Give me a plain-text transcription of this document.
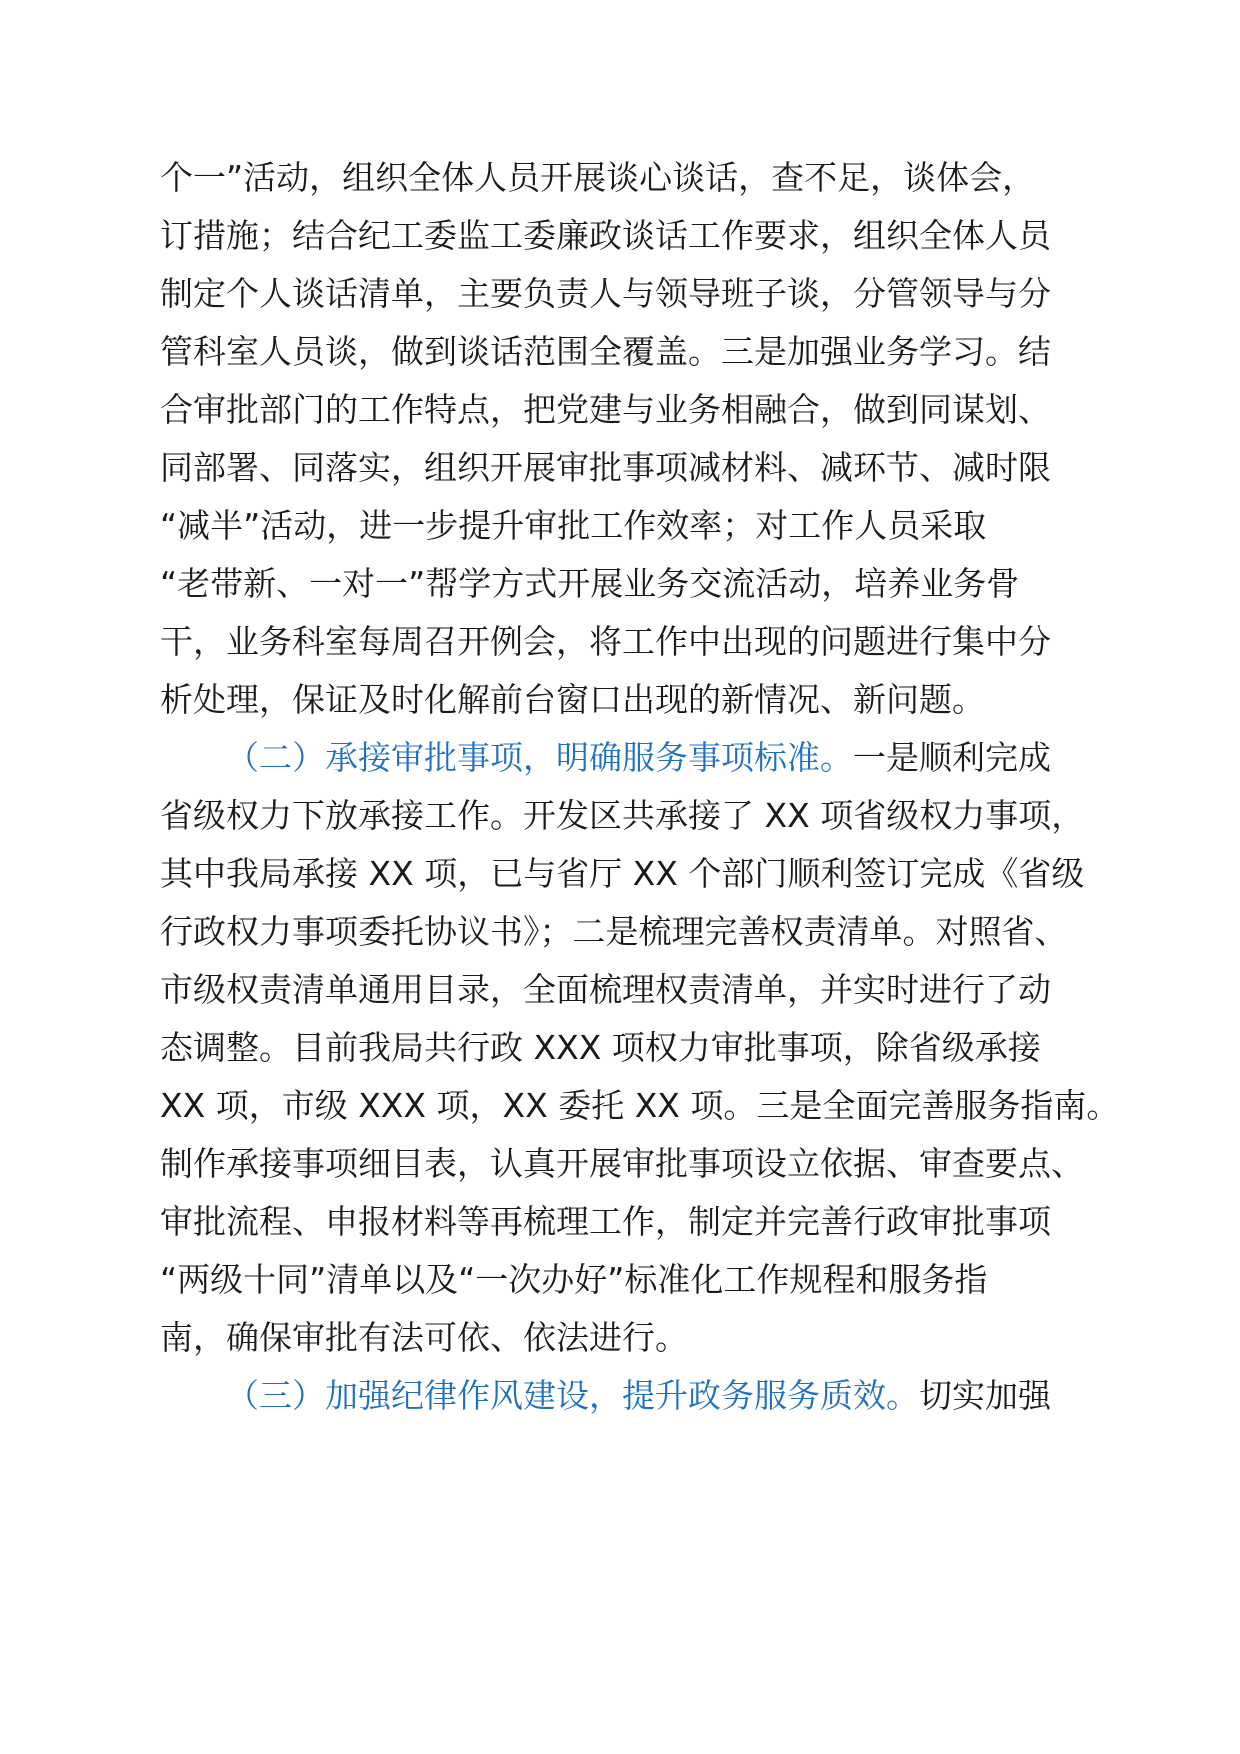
个一”活动，组织全体人员开展谈心谈话，查不足，谈体会，
订措施；结合纪工委监工委廉政谈话工作要求，组织全体人员
制定个人谈话清单，主要负责人与领导班子谈，分管领导与分
管科室人员谈，做到谈话范围全覆盖。三是加强业务学习。结
合审批部门的工作特点，把党建与业务相融合，做到同谋划、
同部署、同落实，组织开展审批事项减材料、减环节、减时限
“减半”活动，进一步提升审批工作效率；对工作人员采取
“老带新、一对一”帮学方式开展业务交流活动，培养业务骨
干，业务科室每周召开例会，将工作中出现的问题进行集中分
析处理，保证及时化解前台窗口出现的新情况、新问题。
（二）承接审批事项，明确服务事项标准。一是顺利完成
省级权力下放承接工作。开发区共承接了 XX 项省级权力事项，
其中我局承接 XX 项，已与省厅 XX 个部门顺利签订完成《省级
行政权力事项委托协议书》；二是梳理完善权责清单。对照省、
市级权责清单通用目录，全面梳理权责清单，并实时进行了动
态调整。目前我局共行政 XXX 项权力审批事项，除省级承接
XX 项，市级 XXX 项，XX 委托 XX 项。三是全面完善服务指南。
制作承接事项细目表，认真开展审批事项设立依据、审查要点、
审批流程、申报材料等再梳理工作，制定并完善行政审批事项
“两级十同”清单以及“一次办好”标准化工作规程和服务指
南，确保审批有法可依、依法进行。
（三）加强纪律作风建设，提升政务服务质效。切实加强
